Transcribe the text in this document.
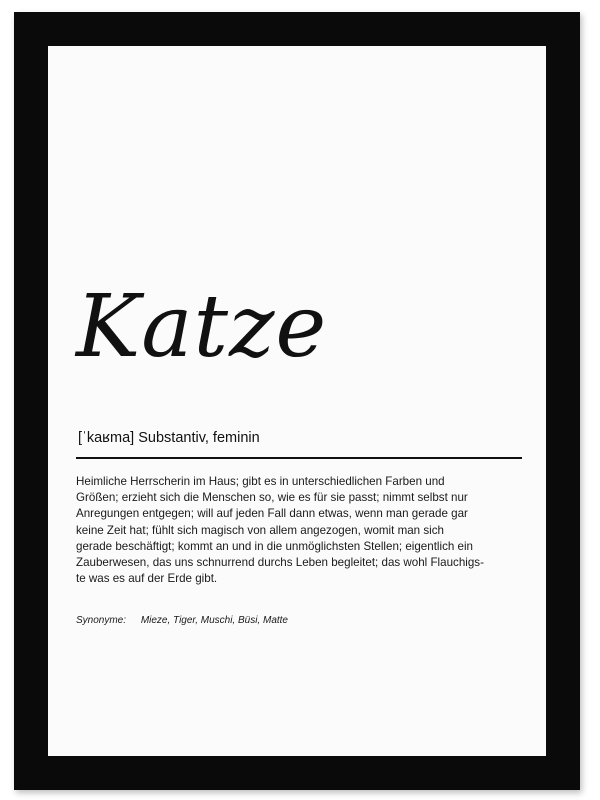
Katze
[ˈkaʁma] Substantiv, feminin

Heimliche Herrscherin im Haus; gibt es in unterschiedlichen Farben und
Größen; erzieht sich die Menschen so, wie es für sie passt; nimmt selbst nur
Anregungen entgegen; will auf jeden Fall dann etwas, wenn man gerade gar
keine Zeit hat; fühlt sich magisch von allem angezogen, womit man sich
gerade beschäftigt; kommt an und in die unmöglichsten Stellen; eigentlich ein
Zauberwesen, das uns schnurrend durchs Leben begleitet; das wohl Flauchigs-
te was es auf der Erde gibt.

Synonyme: Mieze, Tiger, Muschi, Büsi, Matte
